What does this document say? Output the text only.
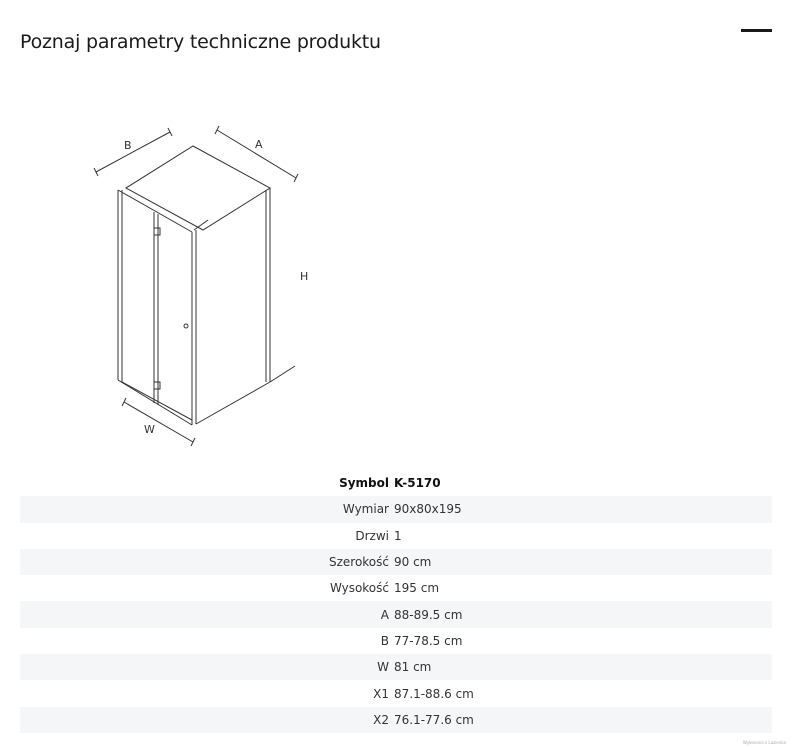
Poznaj parametry techniczne produktu
B	A
H
W
Symbol K-5170
Wymiar 90x80x195
Drzwi 1
Szerokość 90 cm
Wysokość 195 cm
A 88-89.5 cm
B 77-78.5 cm
W 81 cm
X1 87.1-88.6 cm
X2 76.1-77.6 cm
Wykonano z Lazienka
